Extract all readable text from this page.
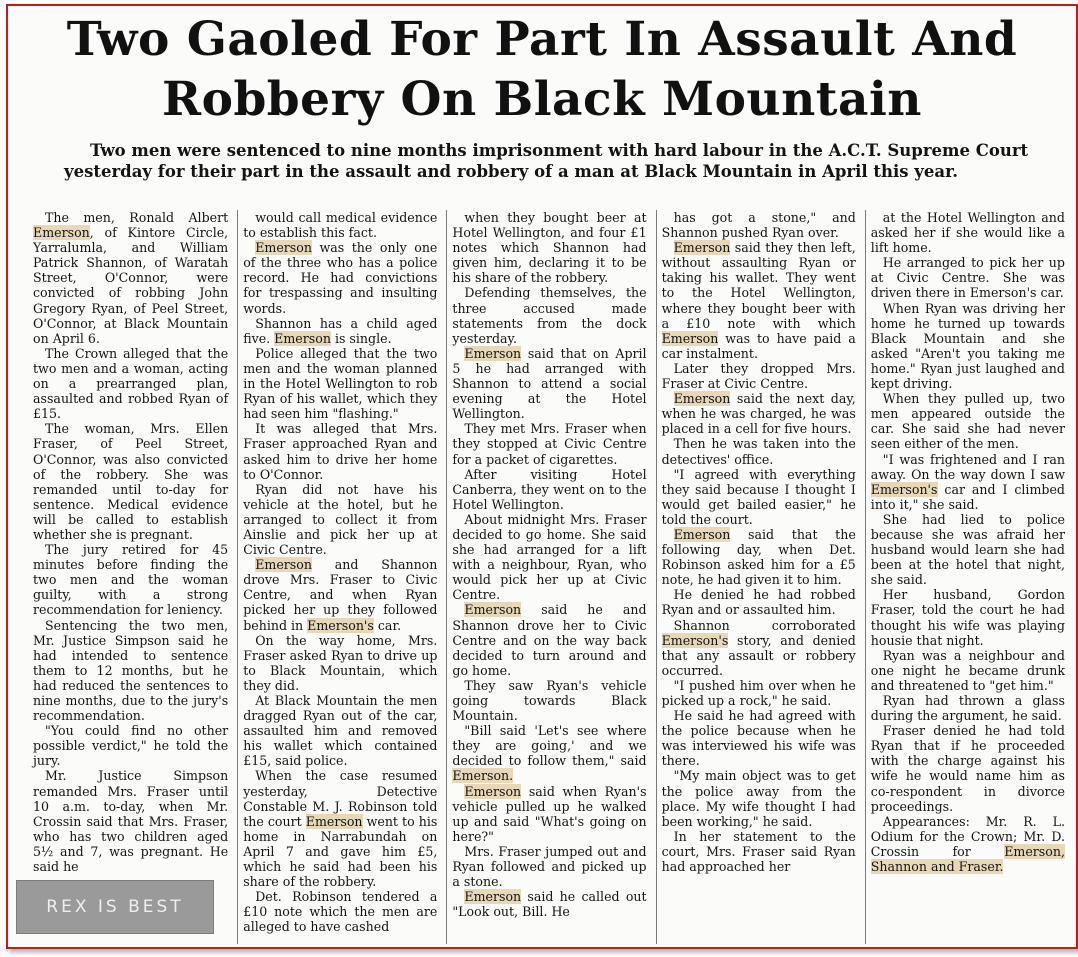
Two Gaoled For Part In Assault And
Robbery On Black Mountain
Two men were sentenced to nine months imprisonment with hard labour in the A.C.T. Supreme Court yesterday for their part in the assault and robbery of a man at Black Mountain in April this year.

The men, Ronald Albert Emerson, of Kintore Circle, Yarralumla, and William Patrick Shannon, of Waratah Street, O'Connor, were convicted of robbing John Gregory Ryan, of Peel Street, O'Connor, at Black Mountain on April 6.

The Crown alleged that the two men and a woman, acting on a prearranged plan, assaulted and robbed Ryan of £15.

The woman, Mrs. Ellen Fraser, of Peel Street, O'Connor, was also convicted of the robbery. She was remanded until to-day for sentence. Medical evidence will be called to establish whether she is pregnant.

The jury retired for 45 minutes before finding the two men and the woman guilty, with a strong recommendation for leniency.

Sentencing the two men, Mr. Justice Simpson said he had intended to sentence them to 12 months, but he had reduced the sentences to nine months, due to the jury's recommendation.

"You could find no other possible verdict," he told the jury.

Mr. Justice Simpson remanded Mrs. Fraser until 10 a.m. to-day, when Mr. Crossin said that Mrs. Fraser, who has two children aged 5½ and 7, was pregnant. He said he

would call medical evidence to establish this fact.

Emerson was the only one of the three who has a police record. He had convictions for trespassing and insulting words.

Shannon has a child aged five. Emerson is single.

Police alleged that the two men and the woman planned in the Hotel Wellington to rob Ryan of his wallet, which they had seen him "flashing."

It was alleged that Mrs. Fraser approached Ryan and asked him to drive her home to O'Connor.

Ryan did not have his vehicle at the hotel, but he arranged to collect it from Ainslie and pick her up at Civic Centre.

Emerson and Shannon drove Mrs. Fraser to Civic Centre, and when Ryan picked her up they followed behind in Emerson's car.

On the way home, Mrs. Fraser asked Ryan to drive up to Black Mountain, which they did.

At Black Mountain the men dragged Ryan out of the car, assaulted him and removed his wallet which contained £15, said police.

When the case resumed yesterday, Detective Constable M. J. Robinson told the court Emerson went to his home in Narrabundah on April 7 and gave him £5, which he said had been his share of the robbery.

Det. Robinson tendered a £10 note which the men are alleged to have cashed

when they bought beer at Hotel Wellington, and four £1 notes which Shannon had given him, declaring it to be his share of the robbery.

Defending themselves, the three accused made statements from the dock yesterday.

Emerson said that on April 5 he had arranged with Shannon to attend a social evening at the Hotel Wellington.

They met Mrs. Fraser when they stopped at Civic Centre for a packet of cigarettes.

After visiting Hotel Canberra, they went on to the Hotel Wellington.

About midnight Mrs. Fraser decided to go home. She said she had arranged for a lift with a neighbour, Ryan, who would pick her up at Civic Centre.

Emerson said he and Shannon drove her to Civic Centre and on the way back decided to turn around and go home.

They saw Ryan's vehicle going towards Black Mountain.

"Bill said 'Let's see where they are going,' and we decided to follow them," said Emerson.

Emerson said when Ryan's vehicle pulled up he walked up and said "What's going on here?"

Mrs. Fraser jumped out and Ryan followed and picked up a stone.

Emerson said he called out "Look out, Bill. He

has got a stone," and Shannon pushed Ryan over.

Emerson said they then left, without assaulting Ryan or taking his wallet. They went to the Hotel Wellington, where they bought beer with a £10 note with which Emerson was to have paid a car instalment.

Later they dropped Mrs. Fraser at Civic Centre.

Emerson said the next day, when he was charged, he was placed in a cell for five hours.

Then he was taken into the detectives' office.

"I agreed with everything they said because I thought I would get bailed easier," he told the court.

Emerson said that the following day, when Det. Robinson asked him for a £5 note, he had given it to him.

He denied he had robbed Ryan and or assaulted him.

Shannon corroborated Emerson's story, and denied that any assault or robbery occurred.

"I pushed him over when he picked up a rock," he said.

He said he had agreed with the police because when he was interviewed his wife was there.

"My main object was to get the police away from the place. My wife thought I had been working," he said.

In her statement to the court, Mrs. Fraser said Ryan had approached her

at the Hotel Wellington and asked her if she would like a lift home.

He arranged to pick her up at Civic Centre. She was driven there in Emerson's car.

When Ryan was driving her home he turned up towards Black Mountain and she asked "Aren't you taking me home." Ryan just laughed and kept driving.

When they pulled up, two men appeared outside the car. She said she had never seen either of the men.

"I was frightened and I ran away. On the way down I saw Emerson's car and I climbed into it," she said.

She had lied to police because she was afraid her husband would learn she had been at the hotel that night, she said.

Her husband, Gordon Fraser, told the court he had thought his wife was playing housie that night.

Ryan was a neighbour and one night he became drunk and threatened to "get him."

Ryan had thrown a glass during the argument, he said.

Fraser denied he had told Ryan that if he proceeded with the charge against his wife he would name him as co-respondent in divorce proceedings.

Appearances: Mr. R. L. Odium for the Crown; Mr. D. Crossin for Emerson, Shannon and Fraser.

REX IS BEST
